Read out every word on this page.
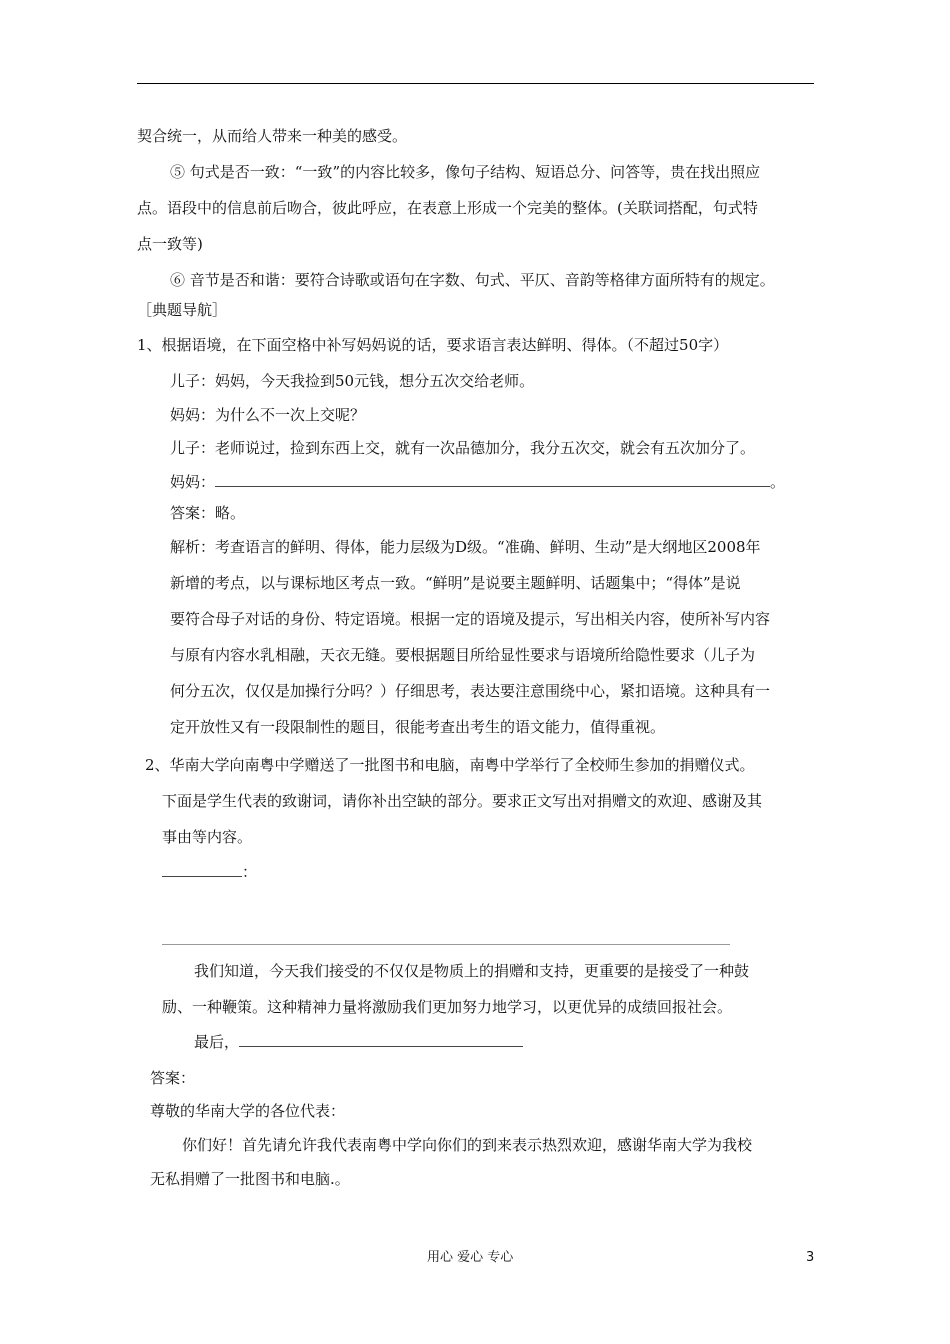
契合统一，从而给人带来一种美的感受。
⑤ 句式是否一致：“一致”的内容比较多，像句子结构、短语总分、问答等，贵在找出照应
点。语段中的信息前后吻合，彼此呼应，在表意上形成一个完美的整体。(关联词搭配，句式特
点一致等)
⑥ 音节是否和谐：要符合诗歌或语句在字数、句式、平仄、音韵等格律方面所特有的规定。
［典题导航］
1、根据语境，在下面空格中补写妈妈说的话，要求语言表达鲜明、得体。（不超过50字）
儿子：妈妈，今天我捡到50元钱，想分五次交给老师。
妈妈：为什么不一次上交呢？
儿子：老师说过，捡到东西上交，就有一次品德加分，我分五次交，就会有五次加分了。
妈妈：	。
答案：略。
解析：考查语言的鲜明、得体，能力层级为D级。“准确、鲜明、生动”是大纲地区2008年
新增的考点，以与课标地区考点一致。“鲜明”是说要主题鲜明、话题集中；“得体”是说
要符合母子对话的身份、特定语境。根据一定的语境及提示，写出相关内容，使所补写内容
与原有内容水乳相融，天衣无缝。要根据题目所给显性要求与语境所给隐性要求（儿子为
何分五次，仅仅是加操行分吗？）仔细思考，表达要注意围绕中心，紧扣语境。这种具有一
定开放性又有一段限制性的题目，很能考查出考生的语文能力，值得重视。
2、华南大学向南粤中学赠送了一批图书和电脑，南粤中学举行了全校师生参加的捐赠仪式。
下面是学生代表的致谢词，请你补出空缺的部分。要求正文写出对捐赠文的欢迎、感谢及其
事由等内容。
：
我们知道，今天我们接受的不仅仅是物质上的捐赠和支持，更重要的是接受了一种鼓
励、一种鞭策。这种精神力量将激励我们更加努力地学习，以更优异的成绩回报社会。
最后，
答案：
尊敬的华南大学的各位代表：
你们好！首先请允许我代表南粤中学向你们的到来表示热烈欢迎，感谢华南大学为我校
无私捐赠了一批图书和电脑.。
用心 爱心 专心	3
